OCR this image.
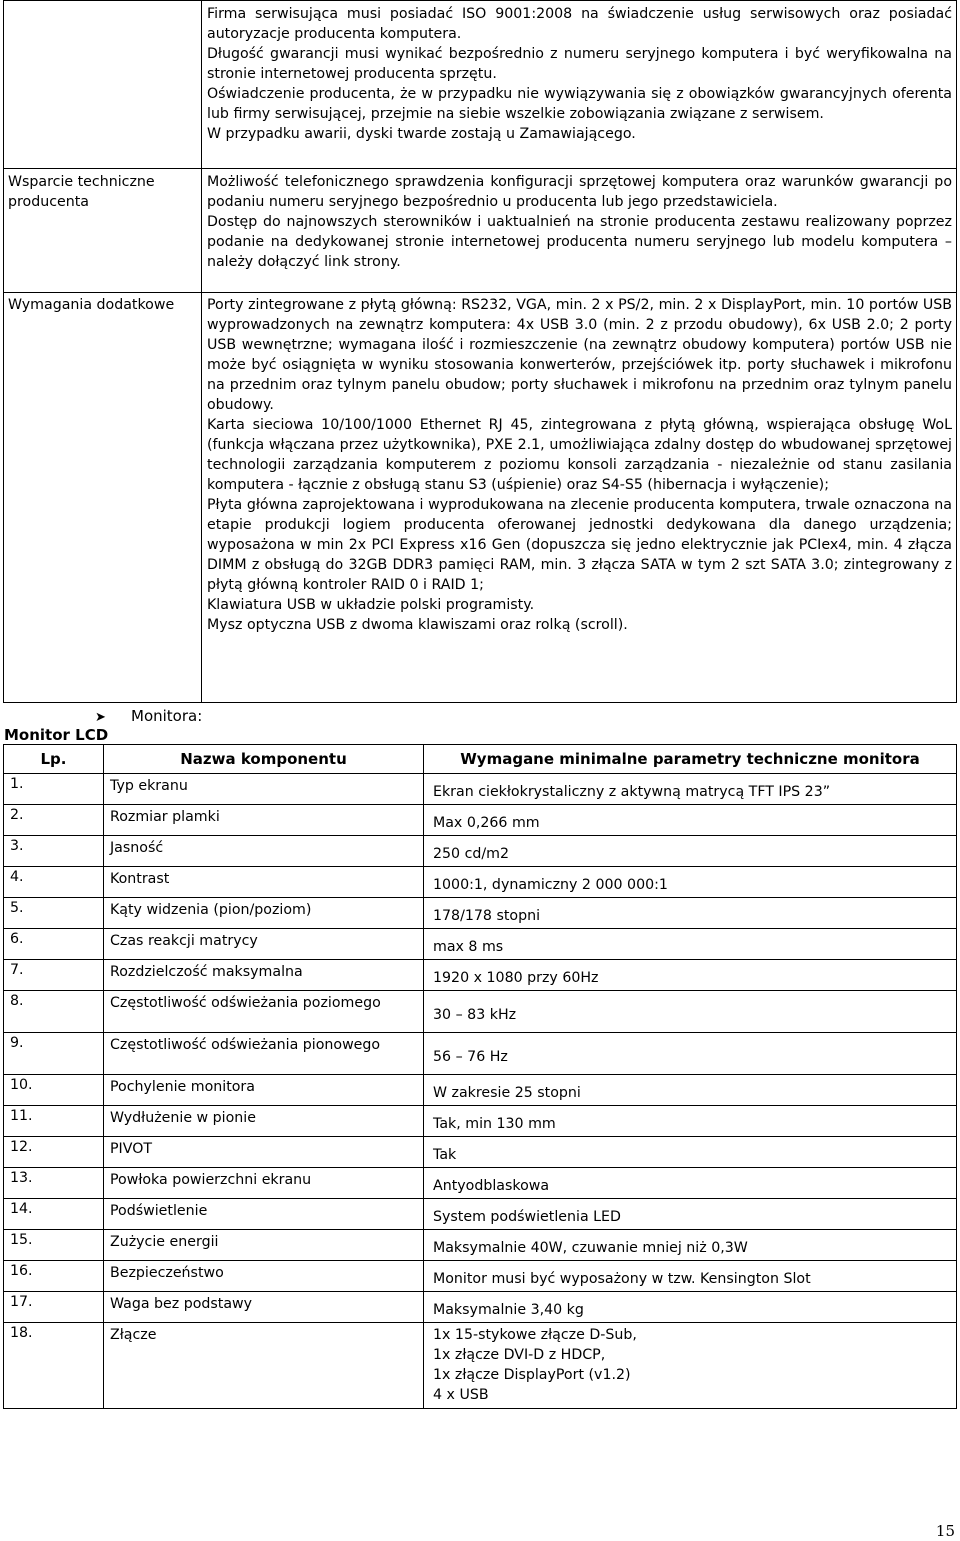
	Firma serwisująca musi posiadać ISO 9001:2008 na świadczenie usług serwisowych oraz posiadać autoryzacje producenta komputera.

Długość gwarancji musi wynikać bezpośrednio z numeru seryjnego komputera i być weryfikowalna na stronie internetowej producenta sprzętu.

Oświadczenie producenta, że w przypadku nie wywiązywania się z obowiązków gwarancyjnych oferenta lub firmy serwisującej, przejmie na siebie wszelkie zobowiązania związane z serwisem.

W przypadku awarii, dyski twarde zostają u Zamawiającego.

Wsparcie techniczne producenta	Możliwość telefonicznego sprawdzenia konfiguracji sprzętowej komputera oraz warunków gwarancji po podaniu numeru seryjnego bezpośrednio u producenta lub jego przedstawiciela.

Dostęp do najnowszych sterowników i uaktualnień na stronie producenta zestawu realizowany poprzez podanie na dedykowanej stronie internetowej producenta numeru seryjnego lub modelu komputera – należy dołączyć link strony.

Wymagania dodatkowe	Porty zintegrowane z płytą główną: RS232, VGA, min. 2 x PS/2, min. 2 x DisplayPort, min. 10 portów USB wyprowadzonych na zewnątrz komputera: 4x USB 3.0 (min. 2 z przodu obudowy), 6x USB 2.0; 2 porty USB wewnętrzne; wymagana ilość i rozmieszczenie (na zewnątrz obudowy komputera) portów USB nie może być osiągnięta w wyniku stosowania konwerterów, przejściówek itp. porty słuchawek i mikrofonu na przednim oraz tylnym panelu obudow; porty słuchawek i mikrofonu na przednim oraz tylnym panelu obudowy.

Karta sieciowa 10/100/1000 Ethernet RJ 45, zintegrowana z płytą główną, wspierająca obsługę WoL (funkcja włączana przez użytkownika), PXE 2.1, umożliwiająca zdalny dostęp do wbudowanej sprzętowej technologii zarządzania komputerem z poziomu konsoli zarządzania - niezależnie od stanu zasilania komputera - łącznie z obsługą stanu S3 (uśpienie) oraz S4-S5 (hibernacja i wyłączenie);

Płyta główna zaprojektowana i wyprodukowana na zlecenie producenta komputera, trwale oznaczona na etapie produkcji logiem producenta oferowanej jednostki dedykowana dla danego urządzenia; wyposażona w min 2x PCI Express x16 Gen (dopuszcza się jedno elektrycznie jak PCIex4, min. 4 złącza DIMM z obsługą do 32GB DDR3 pamięci RAM, min. 3 złącza SATA w tym 2 szt SATA 3.0; zintegrowany z płytą główną kontroler RAID 0 i RAID 1;

Klawiatura USB w układzie polski programisty.

Mysz optyczna USB z dwoma klawiszami oraz rolką (scroll).

➤ Monitora:
Monitor LCD
Lp.	Nazwa komponentu	Wymagane minimalne parametry techniczne monitora
1.	Typ ekranu	Ekran ciekłokrystaliczny z aktywną matrycą TFT IPS 23”
2.	Rozmiar plamki	Max 0,266 mm
3.	Jasność	250 cd/m2
4.	Kontrast	1000:1, dynamiczny 2 000 000:1
5.	Kąty widzenia (pion/poziom)	178/178 stopni
6.	Czas reakcji matrycy	max 8 ms
7.	Rozdzielczość maksymalna	1920 x 1080 przy 60Hz
8.	Częstotliwość odświeżania poziomego	30 – 83 kHz
9.	Częstotliwość odświeżania pionowego	56 – 76 Hz
10.	Pochylenie monitora	W zakresie 25 stopni
11.	Wydłużenie w pionie	Tak, min 130 mm
12.	PIVOT	Tak
13.	Powłoka powierzchni ekranu	Antyodblaskowa
14.	Podświetlenie	System podświetlenia LED
15.	Zużycie energii	Maksymalnie 40W, czuwanie mniej niż 0,3W
16.	Bezpieczeństwo	Monitor musi być wyposażony w tzw. Kensington Slot
17.	Waga bez podstawy	Maksymalnie 3,40 kg
18.	Złącze	1x 15-stykowe złącze D-Sub,
1x złącze DVI-D z HDCP,
1x złącze DisplayPort (v1.2)
4 x USB
15
